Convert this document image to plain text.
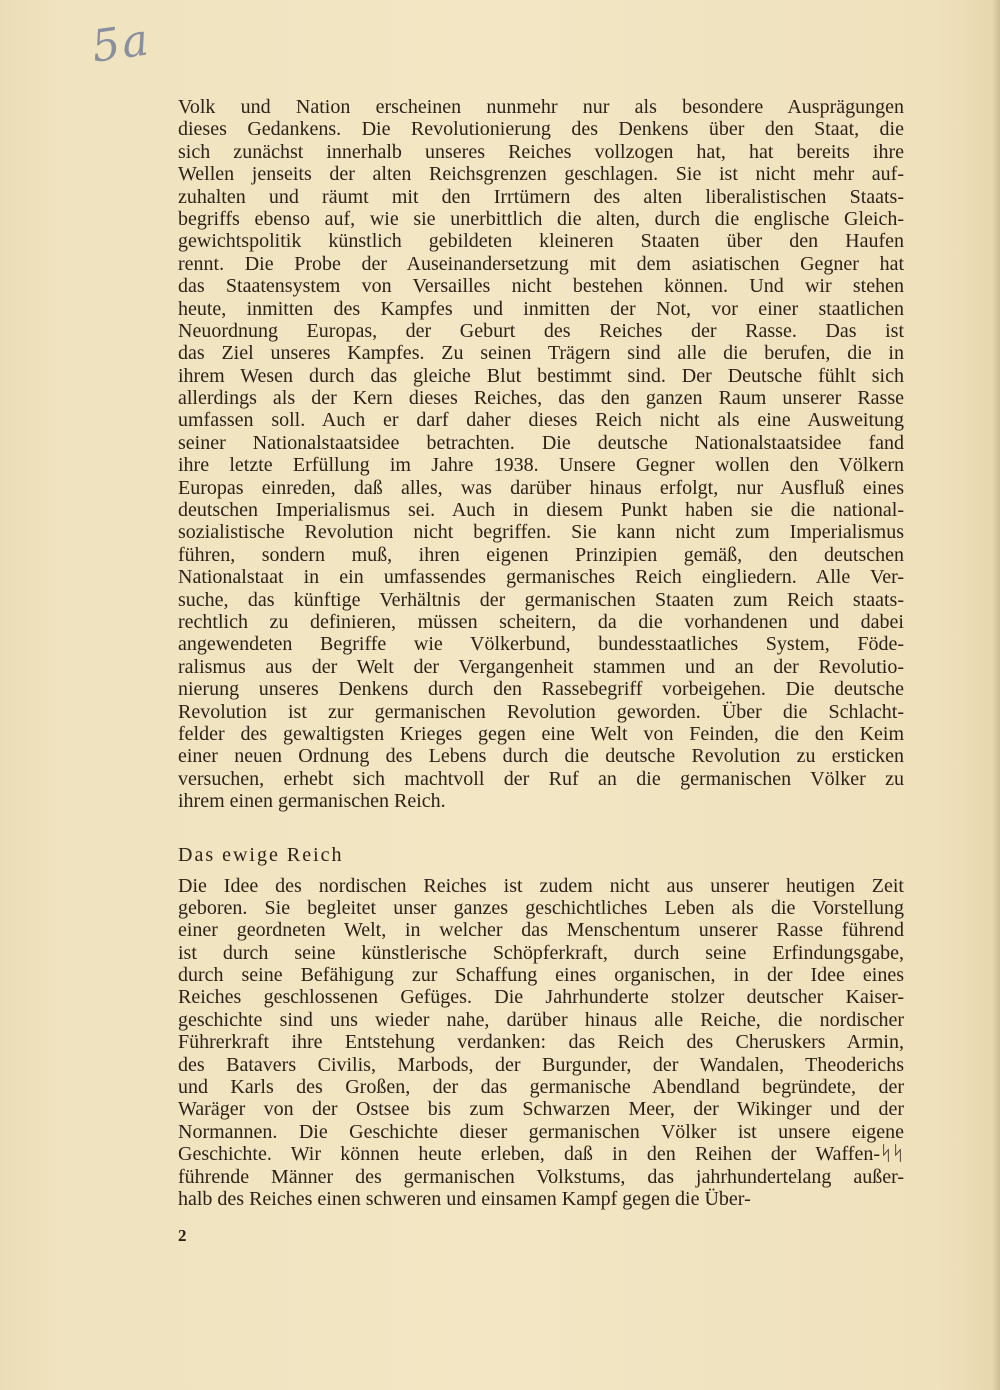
5a
Volk und Nation erscheinen nunmehr nur als besondere Ausprägungen
dieses Gedankens. Die Revolutionierung des Denkens über den Staat, die
sich zunächst innerhalb unseres Reiches vollzogen hat, hat bereits ihre
Wellen jenseits der alten Reichsgrenzen geschlagen. Sie ist nicht mehr auf-
zuhalten und räumt mit den Irrtümern des alten liberalistischen Staats-
begriffs ebenso auf, wie sie unerbittlich die alten, durch die englische Gleich-
gewichtspolitik künstlich gebildeten kleineren Staaten über den Haufen
rennt. Die Probe der Auseinandersetzung mit dem asiatischen Gegner hat
das Staatensystem von Versailles nicht bestehen können. Und wir stehen
heute, inmitten des Kampfes und inmitten der Not, vor einer staatlichen
Neuordnung Europas, der Geburt des Reiches der Rasse. Das ist
das Ziel unseres Kampfes. Zu seinen Trägern sind alle die berufen, die in
ihrem Wesen durch das gleiche Blut bestimmt sind. Der Deutsche fühlt sich
allerdings als der Kern dieses Reiches, das den ganzen Raum unserer Rasse
umfassen soll. Auch er darf daher dieses Reich nicht als eine Ausweitung
seiner Nationalstaatsidee betrachten. Die deutsche Nationalstaatsidee fand
ihre letzte Erfüllung im Jahre 1938. Unsere Gegner wollen den Völkern
Europas einreden, daß alles, was darüber hinaus erfolgt, nur Ausfluß eines
deutschen Imperialismus sei. Auch in diesem Punkt haben sie die national-
sozialistische Revolution nicht begriffen. Sie kann nicht zum Imperialismus
führen, sondern muß, ihren eigenen Prinzipien gemäß, den deutschen
Nationalstaat in ein umfassendes germanisches Reich eingliedern. Alle Ver-
suche, das künftige Verhältnis der germanischen Staaten zum Reich staats-
rechtlich zu definieren, müssen scheitern, da die vorhandenen und dabei
angewendeten Begriffe wie Völkerbund, bundesstaatliches System, Föde-
ralismus aus der Welt der Vergangenheit stammen und an der Revolutio-
nierung unseres Denkens durch den Rassebegriff vorbeigehen. Die deutsche
Revolution ist zur germanischen Revolution geworden. Über die Schlacht-
felder des gewaltigsten Krieges gegen eine Welt von Feinden, die den Keim
einer neuen Ordnung des Lebens durch die deutsche Revolution zu ersticken
versuchen, erhebt sich machtvoll der Ruf an die germanischen Völker zu
ihrem einen germanischen Reich.
Das ewige Reich
Die Idee des nordischen Reiches ist zudem nicht aus unserer heutigen Zeit
geboren. Sie begleitet unser ganzes geschichtliches Leben als die Vorstellung
einer geordneten Welt, in welcher das Menschentum unserer Rasse führend
ist durch seine künstlerische Schöpferkraft, durch seine Erfindungsgabe,
durch seine Befähigung zur Schaffung eines organischen, in der Idee eines
Reiches geschlossenen Gefüges. Die Jahrhunderte stolzer deutscher Kaiser-
geschichte sind uns wieder nahe, darüber hinaus alle Reiche, die nordischer
Führerkraft ihre Entstehung verdanken: das Reich des Cheruskers Armin,
des Batavers Civilis, Marbods, der Burgunder, der Wandalen, Theoderichs
und Karls des Großen, der das germanische Abendland begründete, der
Waräger von der Ostsee bis zum Schwarzen Meer, der Wikinger und der
Normannen. Die Geschichte dieser germanischen Völker ist unsere eigene
Geschichte. Wir können heute erleben, daß in den Reihen der Waffen-ᛋᛋ
führende Männer des germanischen Volkstums, das jahrhundertelang außer-
halb des Reiches einen schweren und einsamen Kampf gegen die Über-
2
